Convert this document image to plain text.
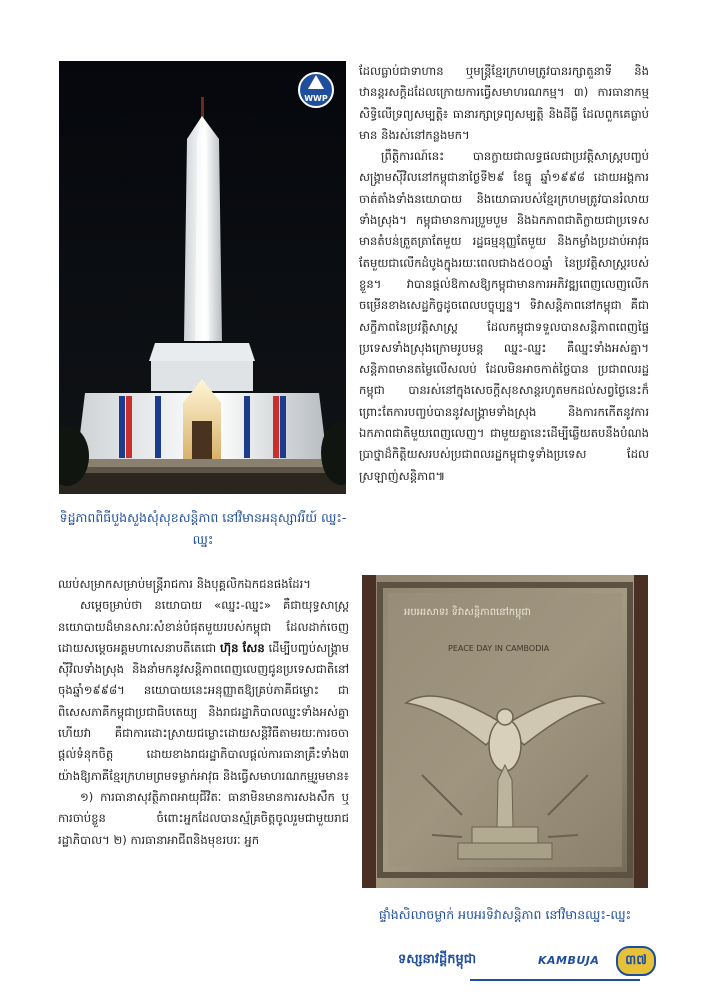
WWP
ទិដ្ឋភាពពិធីបួងសួងសុំសុខសន្តិភាព នៅវិមានអនុស្សាវរីយ៍ ឈ្នះ-ឈ្នះ

ឈប់សម្រាកសម្រាប់មន្ត្រីរាជការ និងបុគ្គលិកឯកជនផងដែរ។

សម្តេចម្រាប់ថា នយោបាយ «ឈ្នះ-ឈ្នះ» គឺជាយុទ្ធសាស្ត្រនយោបាយដ៏មានសារៈសំខាន់បំផុតមួយរបស់កម្ពុជា ដែលដាក់ចេញដោយសម្តេចអគ្គមហាសេនាបតីតេជោ ហ៊ុន សែន ដើម្បីបញ្ចប់សង្គ្រាមស៊ីវិលទាំងស្រុង និងនាំមកនូវសន្តិភាពពេញលេញជូនប្រទេសជាតិនៅចុងឆ្នាំ១៩៩៨។ នយោបាយនេះអនុញ្ញាតឱ្យគ្រប់ភាគីជម្លោះ ជាពិសេសភាគីកម្ពុជាប្រជាធិបតេយ្យ និងរាជរដ្ឋាភិបាលឈ្នះទាំងអស់គ្នា ហើយវា គឺជាការដោះស្រាយជម្លោះដោយសន្តិវិធីតាមរយៈការចចា ផ្តល់ទំនុកចិត្ត ដោយខាងរាជរដ្ឋាភិបាលផ្តល់ការធានាគ្រឹះទាំង៣ យ៉ាងឱ្យភាគីខ្មែរក្រហមព្រមទម្លាក់អាវុធ និងធ្វើសមាហរណកម្មរួមមាន៖

១) ការធានាសុវត្ថិភាពអាយុជីវិតៈ ធានាមិនមានការសងសឹក ឬការចាប់ខ្លួន ចំពោះអ្នកដែលបានស្ម័គ្រចិត្តចូលរួមជាមួយរាជរដ្ឋាភិបាល។ ២) ការធានាអាជីពនិងមុខរបរៈ អ្នក

ដែលធ្លាប់ជាទាហាន ឬមន្ត្រីខ្មែរក្រហមត្រូវបានរក្សាតួនាទី និងឋានន្តរសក្តិដដែលក្រោយការធ្វើសមាហរណកម្ម។ ៣) ការធានាកម្មសិទ្ធិលើទ្រព្យសម្បត្តិ៖ ធានារក្សាទ្រព្យសម្បត្តិ និងដីធ្លី ដែលពួកគេធ្លាប់មាន និងរស់នៅកន្លងមក។

ព្រឹត្តិការណ៍នេះ បានក្លាយជាលទ្ធផលជាប្រវត្តិសាស្ត្របញ្ចប់សង្គ្រាមស៊ីវិលនៅកម្ពុជានាថ្ងៃទី២៩ ខែធ្នូ ឆ្នាំ១៩៩៨ ដោយអង្គការចាត់តាំងទាំងនយោបាយ និងយោធារបស់ខ្មែរក្រហមត្រូវបានរំលាយទាំងស្រុង។ កម្ពុជាមានការប្រួមបួម និងឯកភាពជាតិក្លាយជាប្រទេសមានតំបន់ត្រួតត្រាតែមួយ រដ្ឋធម្មនុញ្ញតែមួយ និងកម្លាំងប្រដាប់អាវុធតែមួយជាលើកដំបូងក្នុងរយៈពេលជាង៥០០ឆ្នាំ នៃប្រវត្តិសាស្ត្ររបស់ខ្លួន។ វាបានផ្តល់ឱកាសឱ្យកម្ពុជាមានការអភិវឌ្ឍពេញលេញលើកចម្រើនខាងសេដ្ឋកិច្ចដូចពេលបច្ចុប្បន្ន។ ទិវាសន្តិភាពនៅកម្ពុជា គឺជាសក្ខីភាពនៃប្រវត្តិសាស្ត្រ ដែលកម្ពុជាទទួលបានសន្តិភាពពេញផ្ទៃប្រទេសទាំងស្រុងក្រោមរូបមន្ត ឈ្នះ-ឈ្នះ គឺឈ្នះទាំងអស់គ្នា។ សន្តិភាពមានតម្លៃលើសលប់ ដែលមិនអាចកាត់ថ្លៃបាន ប្រជាពលរដ្ឋកម្ពុជា បានរស់នៅក្នុងសេចក្តីសុខសាន្តរហូតមកដល់សព្វថ្ងៃនេះក៏ព្រោះតែការបញ្ចប់បាននូវសង្គ្រាមទាំងស្រុង និងការកកើតនូវការឯកភាពជាតិមួយពេញលេញ។ ជាមួយគ្នានេះដើម្បីឆ្លើយតបនឹងបំណងប្រាថ្នាដ៏កិត្តិយសរបស់ប្រជាពលរដ្ឋកម្ពុជាទូទាំងប្រទេស ដែលស្រឡាញ់សន្តិភាព៕

អបអរសាទរ ទិវាសន្តិភាពនៅកម្ពុជា
PEACE DAY IN CAMBODIA
ផ្ទាំងសិលាចម្លាក់ អបអរទិវាសន្តិភាព នៅវិមានឈ្នះ-ឈ្នះ
ទស្សនាវដ្តីកម្ពុជា	KAMBUJA	៣៧
